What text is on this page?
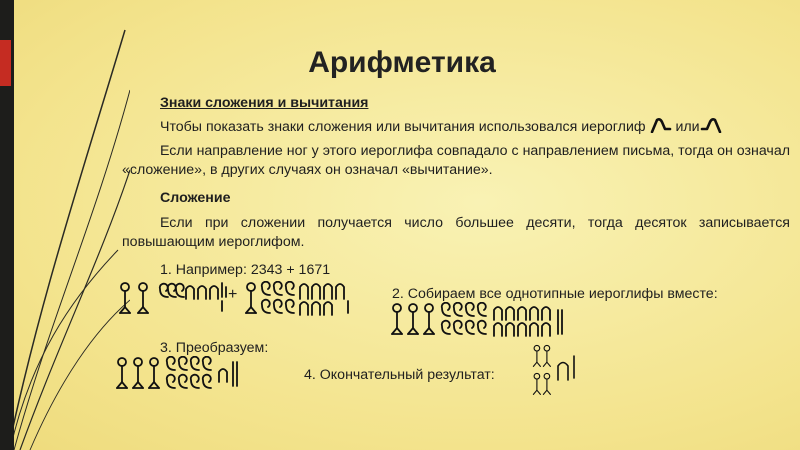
Арифметика
Знаки сложения и вычитания
Чтобы показать знаки сложения или вычитания использовался иероглиф или
Если направление ног у этого иероглифа совпадало с направлением письма, тогда он означал «сложение», в других случаях он означал «вычитание».
Сложение
Если при сложении получается число большее десяти, тогда десяток записывается повышающим иероглифом.
1. Например: 2343 + 1671
2. Собираем все однотипные иероглифы вместе:
3. Преобразуем:
4. Окончательный результат:
+
